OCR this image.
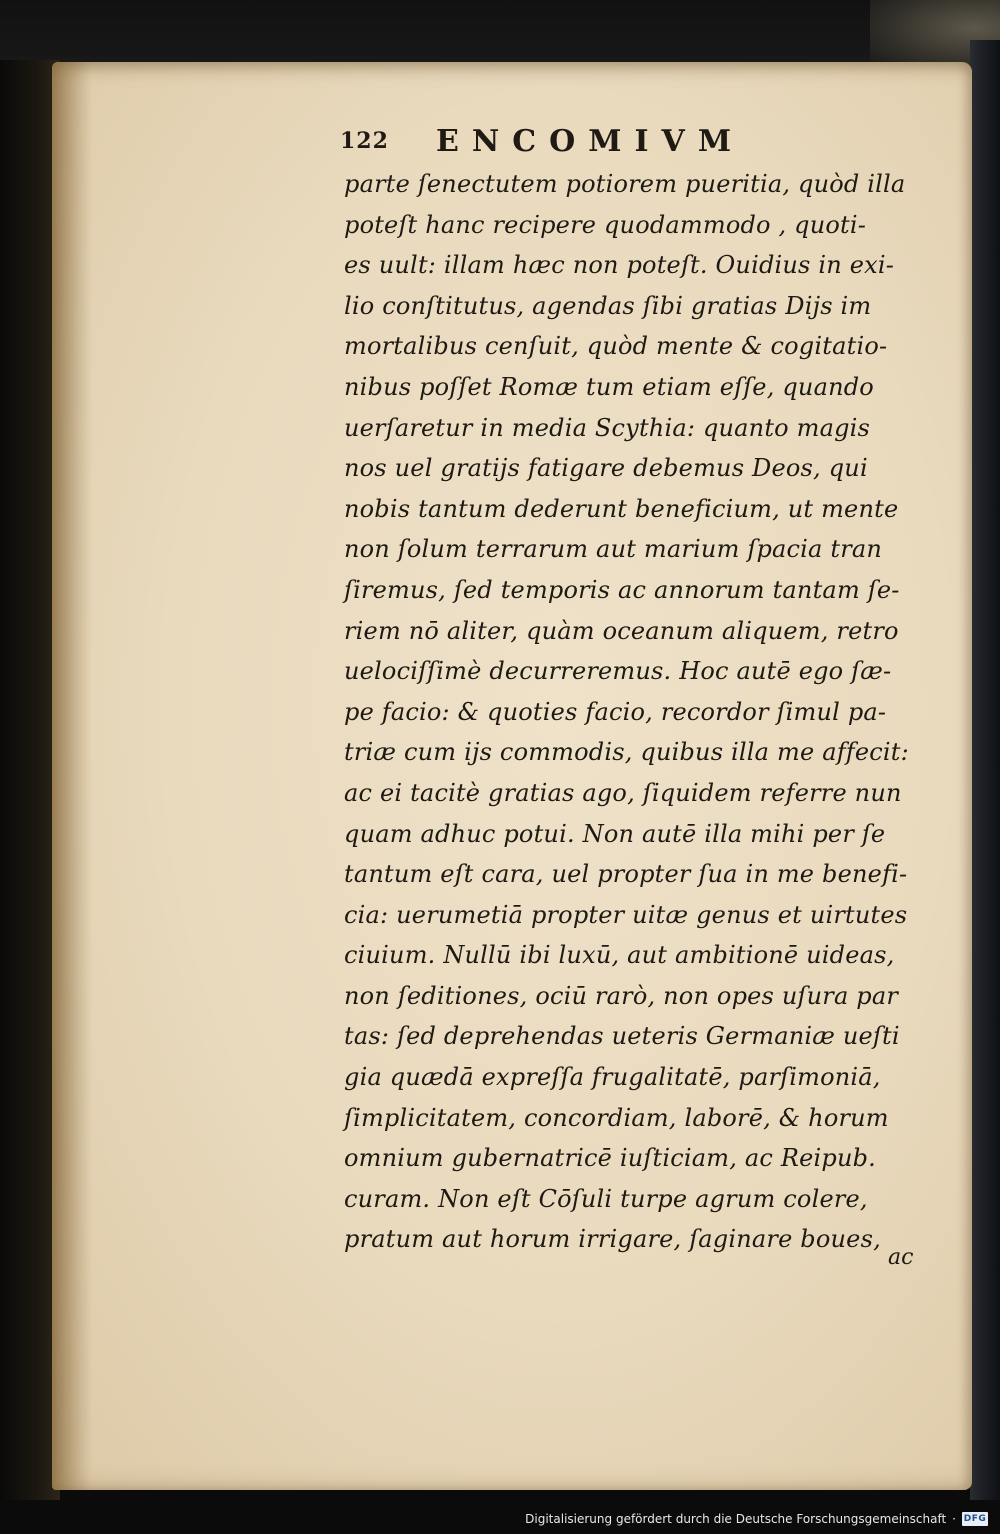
122 ENCOMIVM
parte ſenectutem potiorem pueritia, quòd illa
poteſt hanc recipere quodammodo , quoti-
es uult: illam hæc non poteſt. Ouidius in exi-
lio conſtitutus, agendas ſibi gratias Dijs im
mortalibus cenſuit, quòd mente & cogitatio-
nibus poſſet Romæ tum etiam eſſe, quando
uerſaretur in media Scythia: quanto magis
nos uel gratijs fatigare debemus Deos, qui
nobis tantum dederunt beneficium, ut mente
non ſolum terrarum aut marium ſpacia tran
ſiremus, ſed temporis ac annorum tantam ſe-
riem nō aliter, quàm oceanum aliquem, retro
uelociſſimè decurreremus. Hoc autē ego ſæ-
pe facio: & quoties facio, recordor ſimul pa-
triæ cum ijs commodis, quibus illa me affecit:
ac ei tacitè gratias ago, ſiquidem referre nun
quam adhuc potui. Non autē illa mihi per ſe
tantum eſt cara, uel propter ſua in me benefi-
cia: uerumetiā propter uitæ genus et uirtutes
ciuium. Nullū ibi luxū, aut ambitionē uideas,
non ſeditiones, ociū rarò, non opes uſura par
tas: ſed deprehendas ueteris Germaniæ ueſti
gia quædā expreſſa frugalitatē, parſimoniā,
ſimplicitatem, concordiam, laborē, & horum
omnium gubernatricē iuſticiam, ac Reipub.
curam. Non eſt Cōſuli turpe agrum colere,
pratum aut horum irrigare, ſaginare boues,
ac
Digitalisierung gefördert durch die Deutsche Forschungsgemeinschaft · DFG
